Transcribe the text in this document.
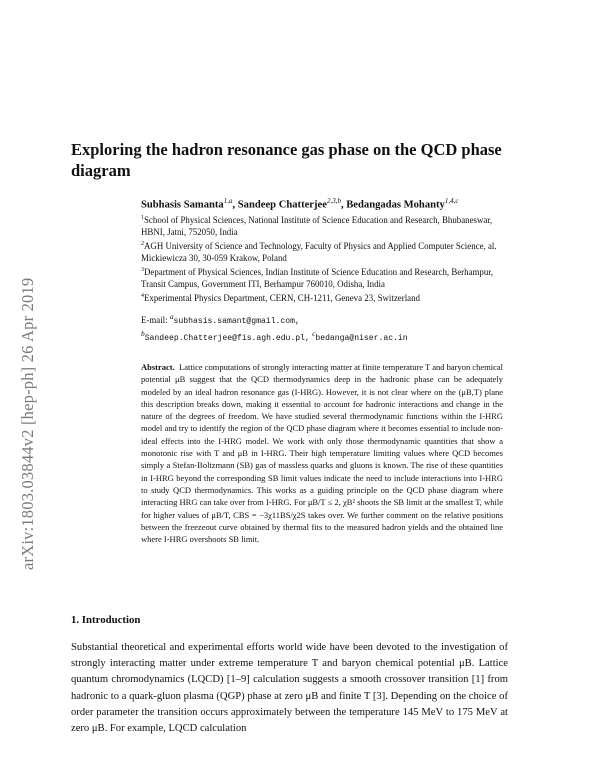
arXiv:1803.03844v2 [hep-ph] 26 Apr 2019
Exploring the hadron resonance gas phase on the QCD phase diagram
Subhasis Samanta$^{1,a}$, Sandeep Chatterjee$^{2,3,b}$, Bedangadas Mohanty$^{1,4,c}$
$^1$School of Physical Sciences, National Institute of Science Education and Research, Bhubaneswar, HBNI, Jatni, 752050, India
$^2$AGH University of Science and Technology, Faculty of Physics and Applied Computer Science, al. Mickiewicza 30, 30-059 Krakow, Poland
$^3$Department of Physical Sciences, Indian Institute of Science Education and Research, Berhampur, Transit Campus, Government ITI, Berhampur 760010, Odisha, India
$^4$Experimental Physics Department, CERN, CH-1211, Geneva 23, Switzerland
E-mail: $^a$subhasis.samant@gmail.com,
$^b$Sandeep.Chatterjee@fis.agh.edu.pl, $^c$bedanga@niser.ac.in
Abstract. Lattice computations of strongly interacting matter at finite temperature T and baryon chemical potential μB suggest that the QCD thermodynamics deep in the hadronic phase can be adequately modeled by an ideal hadron resonance gas (I-HRG). However, it is not clear where on the (μB,T) plane this description breaks down, making it essential to account for hadronic interactions and change in the nature of the degrees of freedom. We have studied several thermodynamic functions within the I-HRG model and try to identify the region of the QCD phase diagram where it becomes essential to include non-ideal effects into the I-HRG model. We work with only those thermodynamic quantities that show a monotonic rise with T and μB in I-HRG. Their high temperature limiting values where QCD becomes simply a Stefan-Boltzmann (SB) gas of massless quarks and gluons is known. The rise of these quantities in I-HRG beyond the corresponding SB limit values indicate the need to include interactions into I-HRG to study QCD thermodynamics. This works as a guiding principle on the QCD phase diagram where interacting HRG can take over from I-HRG. For μB/T ≤ 2, χB² shoots the SB limit at the smallest T, while for higher values of μB/T, CBS = −3χ11BS/χ2S takes over. We further comment on the relative positions between the freezeout curve obtained by thermal fits to the measured hadron yields and the obtained line where I-HRG overshoots SB limit.
1. Introduction
Substantial theoretical and experimental efforts world wide have been devoted to the investigation of strongly interacting matter under extreme temperature T and baryon chemical potential μB. Lattice quantum chromodynamics (LQCD) [1–9] calculation suggests a smooth crossover transition [1] from hadronic to a quark-gluon plasma (QGP) phase at zero μB and finite T [3]. Depending on the choice of order parameter the transition occurs approximately between the temperature 145 MeV to 175 MeV at zero μB. For example, LQCD calculation
